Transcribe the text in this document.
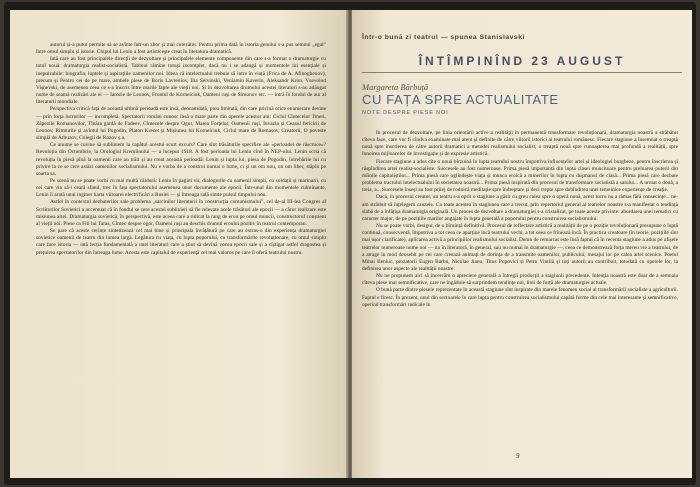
autorul și-a putut permite să se avînte într-un zbor și mai cutezător. Pentru prima dată în istoria genului s-a pus semnul „egal” între omul simplu și istorie. Chipul lui Lenin a fost artisticește creat în literatura dramatică.

Iată care au fost principalele direcții de dezvoltare și principalele elemente componente din care s-a format o dramaturgie cu totul nouă: dramaturgia realist-socialistă. Tabloul rămîne totuși incomplet, dacă nu i se adaugă și momentele lui esențiale și inepuizabile: biografia, luptele și aspirațiile oamenilor noi. Ideea că intelectualul trebuie să intre în viață (Frica de A. Afinoghenov), precum și Pentru cei de pe mare, ambele piese de Boris Lavreniov, Ilia Selvinski, Veniamin Kaverin, Aleksandr Kron, Vsevolod Vișnevski, de asemenea ceea ce s-a înscris între marile fapte ale vieții noi. Și în dezvoltarea drumului acestei literaturi s-au adăugat nume de seamă realizări ale ei — Iarozie de Leonov, Frontul de Korneiciuk, Oameni ruși de Simonov etc. — intră în fondul de aur al literaturii mondiale.

Perspectiva critică față de această ultimă perioadă este însă, deocamdată, prea limitată, din care pricină orice enumerare devine — prin forța lucrurilor — incompletă. Spectatorii români cunosc însă o mare parte din operele acestor ani: Ciclul Cîntecelor Tineri, Zăpezile Romanovilor, Tînăra gardă de Fadeev, Cîntecele despre Ogor, Marea Forțelor, Oamenii ruși, Invazia și Ceasul fericirii de Leonov, Ritmurile și avîntul lui Pogodin, Platon Krecet și Mișiunea lui Korneiciuk, Ciclul mare de Romașov, Creatorii, O poveste simplă de Arbuzov, Colegii de Rozov ș.a.

Ce anume se cuvine să subliniem la capătul acestui scurt excurs? Care sînt trăsăturile specifice ale «perioadei de răscruce»? Revoluția din Octombrie, la Orologiul Kremlinului — a început 1918. A fost perioada lui Lenin cînd în NEP-ului. Lenin scria că revoluția în piesă pînă la oamenii care au trăit și au creat această perioadă: Lenin și lupta lui, piesa de Pogodin, întrebările lui cu privire la ce se cere astăzi oamenilor socialismului. Nu e vorba de a construi numai o lume, ci și un om nou, un om liber, stăpîn pe soarta sa.

Pe scenă nu se poate vorbi cu mai multă căldură: Lenin în pagini vii, dialogurile cu oamenii simpli, cu soldații și marinarii, cu cei care vin să-i ceară sfatul, trec în fața spectatorului asemenea unor documente ale epocii. Într-unul din momentele culminante, Lenin îi arată unui inginer harta viitoarei electrificări a Rusiei — și întreaga sală simte pulsul timpului nou.

Astfel în contextul dezbaterilor sale problema „sarcinilor literaturii în construcția comunismului”, cel de-al III-lea Congres al Scriitorilor Sovietici a accentuat că în fondul se cere acestei sublinieri să fie relevate acele trăsături ale epocii — a căror realizare este misiunea artei. Dramaturgia sovietică, în perspectivă, este aceea care a ridicat la rang de erou pe omul muncii, constructorul conștient al vieții noi. Piese ca Fiii lui Taras, Cîntec despre ogor, Oameni ruși au deschis drumul eroului pozitiv în teatrul contemporan.

Se pare că aceste cerințe sintetizează cel mai bine și principala învățătură pe care au extras-o din experiența dramaturgiei sovietice oamenii de teatru din lumea largă. Legătura cu viața, cu lupta poporului, cu transformările revoluționare, cu omul simplu care face istoria — iată lecția fundamentală a unei literaturi care a știut să devină vocea epocii sale și a cîștigat astfel dragostea și prețuirea spectatorilor din întreaga lume. Acesta este capitalul de experiență cel mai valoros pe care îl oferă teatrului nostru.

Într-o bună zi teatrul — spunea Stanislavski
ÎNTÎMPINÎND 23 AUGUST
Margareta Bărbuță
CU FAȚA SPRE ACTUALITATE
NOTE DESPRE PIESE NOI

În procesul de dezvoltare, pe linia orientării active a realității în permanentă transformare revoluționară, dramaturgia noastră a străbătut cîteva faze, care vor fi cîndva examinate mai atent și definite de către viitorii istorici ai teatrului românesc. Fiecare stagiune a însemnat o treaptă nouă spre înscrierea de către autorii dramatici a metodei realismului socialist, o treaptă nouă spre cunoașterea mai profundă a realității, spre înnoirea mijloacelor de investigație și de expresie artistică.

Fiecare stagiune a adus cîte o nouă bîrzuină în lupta teatrului nostru împotriva influențelor artei și ideologiei burgheze, pentru înscrierea și răspîndirea artei realist-socialiste. Succesele au fost numeroase. Prima piesă importantă din lupta clasei muncitoare pentru preluarea puterii din mîinile capitaliștilor... Prima piesă care oglindește viața și munca eroică a minerilor în lupta cu duşmanul de clasă... Prima piesă care dezbate problema tractului intelectualului în societatea noastră... Prima piesă inspirată din procesul de transformare socialistă a satului... A urmat o două, a treia, a... Succesele înseși au fost prilej de rodnică meditație spre îndreptare și deci trepte spre dobîndirea unei temeinice experiențe de creație.

Dacă, în procesul creator, un teatru s-a oprit o stagiune a găsit cu greu calea spre o operă nouă, acest lucru nu a rămas fără consecințe... ne-am străduit să înțelegem cauzele. Cu toate acestea în stagiunea care a trecut, prin repertoriul general al teatrelor noastre s-a manifestat o tendință slabă de a înfățișa dramaturgia originală. Un proces de dezvoltare a dramaturgiei s-a cristalizat, pe toate aceste privinte: abordarea unei tematici cu caracter major, de pe pozițiile marilor angajate în lupta generală a poporului pentru construirea socialismului.

Nu se poate vorbi, desigur, de o bîruință definitivă. Procesul de reflectare artistică a realității de pe o poziție revoluționară presupune o luptă continuă, consecventă, împotriva a tot ceea ce aparține încă teatrului vechi, a tot ceea ce frînează încă. În practica creatoare (în teorie, pozițiile sînt mai ușor clarificate), aplicarea activă a principiilor realismului socialist. Demn de remarcat este însă faptul că în recenta stagiune a adus pe afișele teatrelor numeroase nume noi — nu în literatură, în general, sau nu numai în dramaturgie —, ceea ce demonstrează forța mereu vie a teatrului, de a atrage în mod deosebit pe cei care creează animați de dorința de a transmite oamenilor, publicului, mesajul lor pe calea artei scenice. Poetul Mihai Beniuc, prozatorii Eugen Barbu, Nicolae Jianu, Titus Popovici și Petru Vintilă și toți autorii au contribuit, totodată cu operele lor, la definirea unor aspecte ale realității noastre.

Nu ne propunem aici să încercăm o apreciere generală a întregii producții a stagiunii precedente. Intenția noastră este doar de a semnala cîteva piese mai semnificative, care ne îngăduie să surprindem tendințe noi, linii de forță ale dramaturgiei actuale.

O bună parte dintre piesele reprezentate în această stagiune sînt inspirate din marele fenomen social al transformării socialiste a agriculturii. Faptul e firesc. În prezent, unul din sectoarele în care lupta pentru construirea socialismului capătă forme din cele mai interesante și semnificative, operind transformări radicale în

9
